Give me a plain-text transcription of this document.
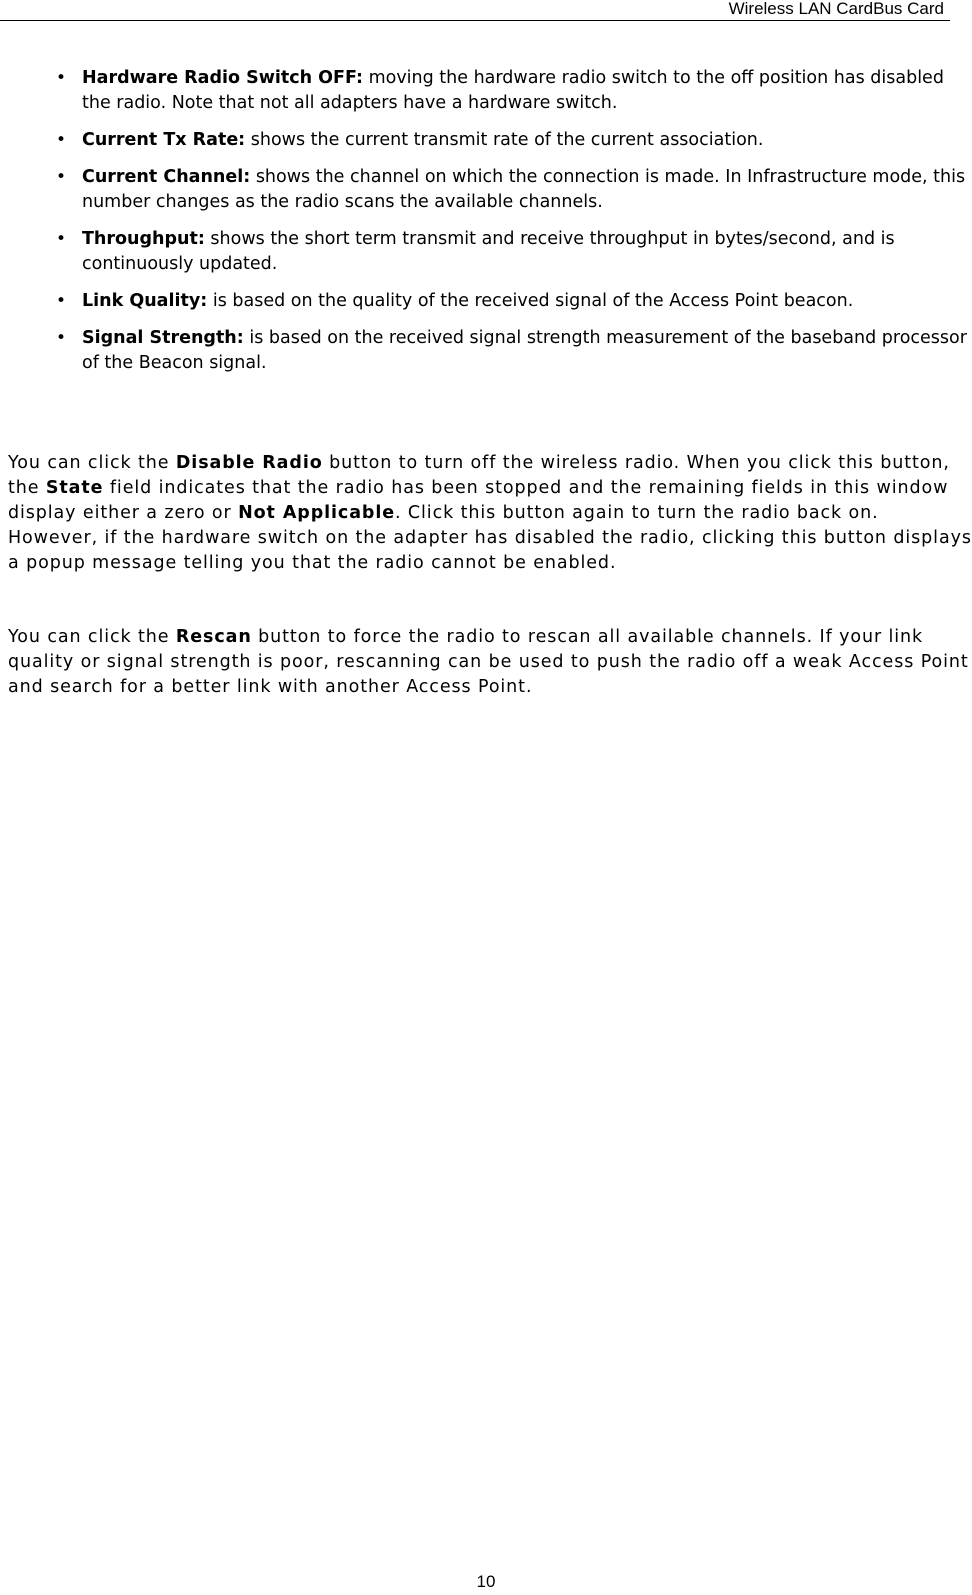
Wireless LAN CardBus Card
• Hardware Radio Switch OFF: moving the hardware radio switch to the off position has disabled the radio. Note that not all adapters have a hardware switch.
• Current Tx Rate: shows the current transmit rate of the current association.
• Current Channel: shows the channel on which the connection is made. In Infrastructure mode, this number changes as the radio scans the available channels.
• Throughput: shows the short term transmit and receive throughput in bytes/second, and is continuously updated.
• Link Quality: is based on the quality of the received signal of the Access Point beacon.
• Signal Strength: is based on the received signal strength measurement of the baseband processor of the Beacon signal.

You can click the Disable Radio button to turn off the wireless radio. When you click this button, the State field indicates that the radio has been stopped and the remaining fields in this window display either a zero or Not Applicable. Click this button again to turn the radio back on. However, if the hardware switch on the adapter has disabled the radio, clicking this button displays a popup message telling you that the radio cannot be enabled.

You can click the Rescan button to force the radio to rescan all available channels. If your link quality or signal strength is poor, rescanning can be used to push the radio off a weak Access Point and search for a better link with another Access Point.

10
